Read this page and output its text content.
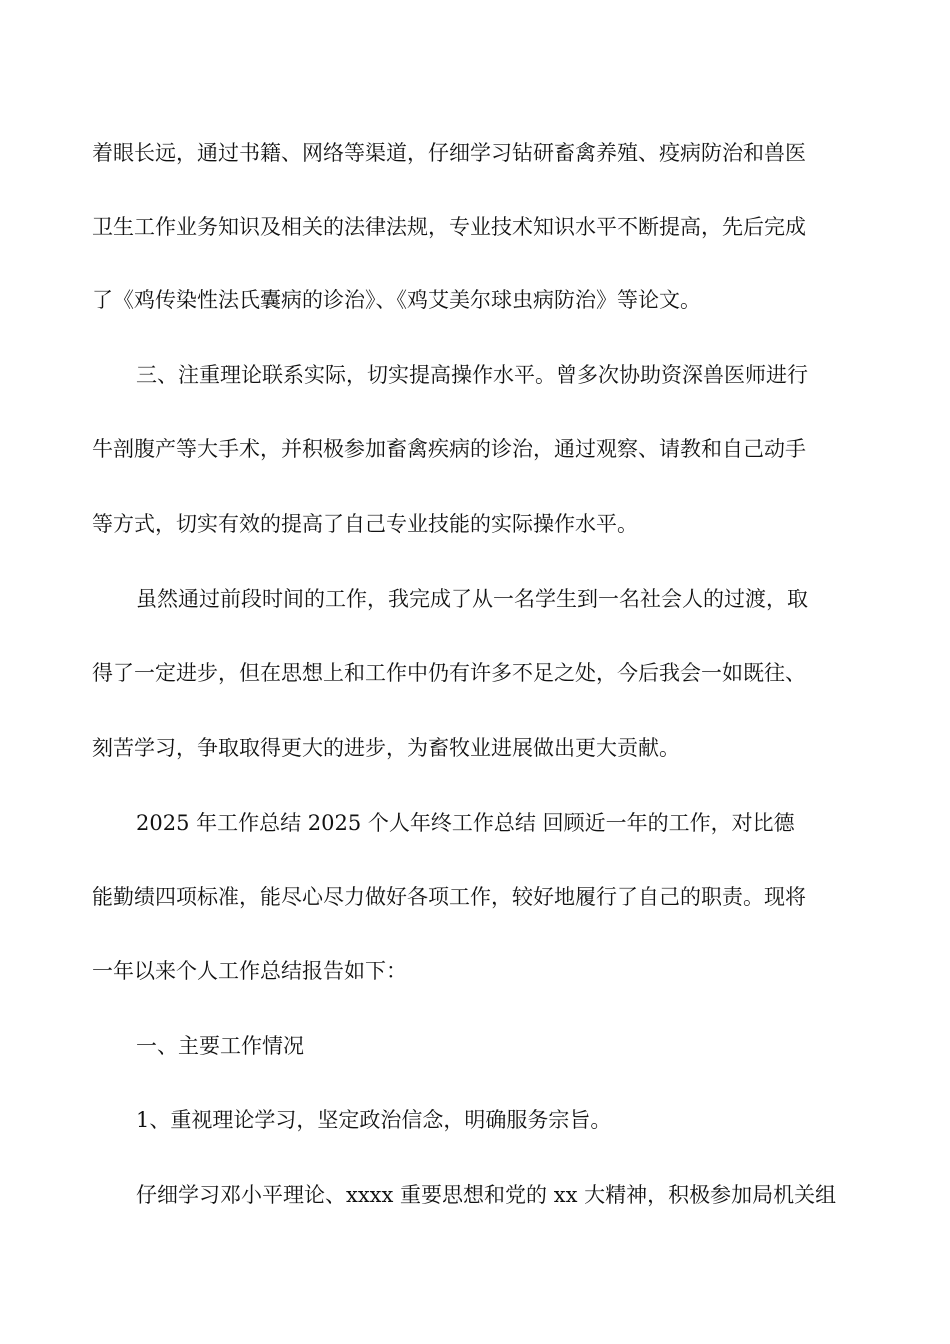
着眼长远，通过书籍、网络等渠道，仔细学习钻研畜禽养殖、疫病防治和兽医
卫生工作业务知识及相关的法律法规，专业技术知识水平不断提高，先后完成
了《鸡传染性法氏囊病的诊治》、《鸡艾美尔球虫病防治》等论文。
三、注重理论联系实际，切实提高操作水平。曾多次协助资深兽医师进行
牛剖腹产等大手术，并积极参加畜禽疾病的诊治，通过观察、请教和自己动手
等方式，切实有效的提高了自己专业技能的实际操作水平。
虽然通过前段时间的工作，我完成了从一名学生到一名社会人的过渡，取
得了一定进步，但在思想上和工作中仍有许多不足之处，今后我会一如既往、
刻苦学习，争取取得更大的进步，为畜牧业进展做出更大贡献。
2025 年工作总结 2025 个人年终工作总结 回顾近一年的工作，对比德
能勤绩四项标准，能尽心尽力做好各项工作，较好地履行了自己的职责。现将
一年以来个人工作总结报告如下：
一、主要工作情况
1、重视理论学习，坚定政治信念，明确服务宗旨。
仔细学习邓小平理论、xxxx 重要思想和党的 xx 大精神，积极参加局机关组
